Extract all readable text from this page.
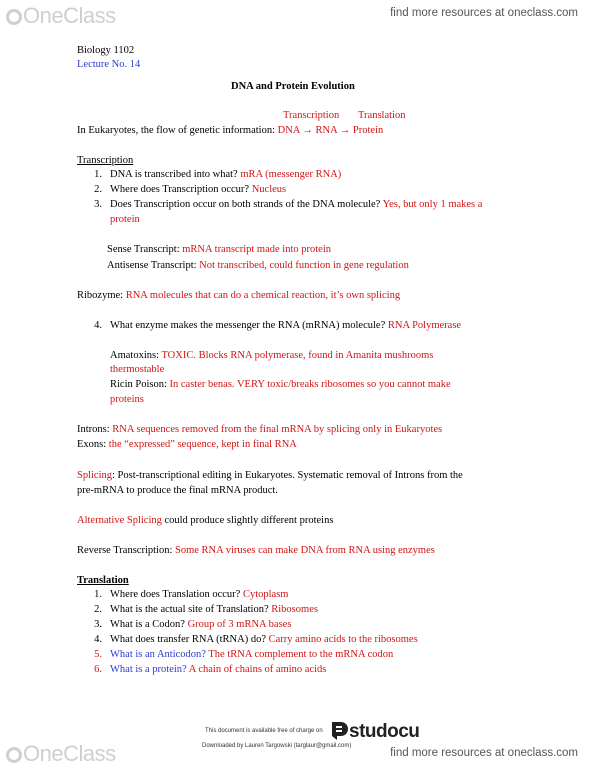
OneClass	find more resources at oneclass.com
Biology 1102
Lecture No. 14
DNA and Protein Evolution
Transcription Translation
In Eukaryotes, the flow of genetic information: DNA → RNA → Protein
Transcription
1. DNA is transcribed into what? mRA (messenger RNA)
2. Where does Transcription occur? Nucleus
3. Does Transcription occur on both strands of the DNA molecule? Yes, but only 1 makes a
protein
Sense Transcript: mRNA transcript made into protein
Antisense Transcript: Not transcribed, could function in gene regulation
Ribozyme: RNA molecules that can do a chemical reaction, it’s own splicing
4. What enzyme makes the messenger the RNA (mRNA) molecule? RNA Polymerase
Amatoxins: TOXIC. Blocks RNA polymerase, found in Amanita mushrooms
thermostable
Ricin Poison: In caster benas. VERY toxic/breaks ribosomes so you cannot make
proteins
Introns: RNA sequences removed from the final mRNA by splicing only in Eukaryotes
Exons: the “expressed” sequence, kept in final RNA
Splicing: Post-transcriptional editing in Eukaryotes. Systematic removal of Introns from the
pre-mRNA to produce the final mRNA product.
Alternative Splicing could produce slightly different proteins
Reverse Transcription: Some RNA viruses can make DNA from RNA using enzymes
Translation
1. Where does Translation occur? Cytoplasm
2. What is the actual site of Translation? Ribosomes
3. What is a Codon? Group of 3 mRNA bases
4. What does transfer RNA (tRNA) do? Carry amino acids to the ribosomes
5. What is an Anticodon? The tRNA complement to the mRNA codon
6. What is a protein? A chain of chains of amino acids
This document is available free of charge on
Downloaded by Lauren Targowski (targlaur@gmail.com)
studocu
OneClass	find more resources at oneclass.com
